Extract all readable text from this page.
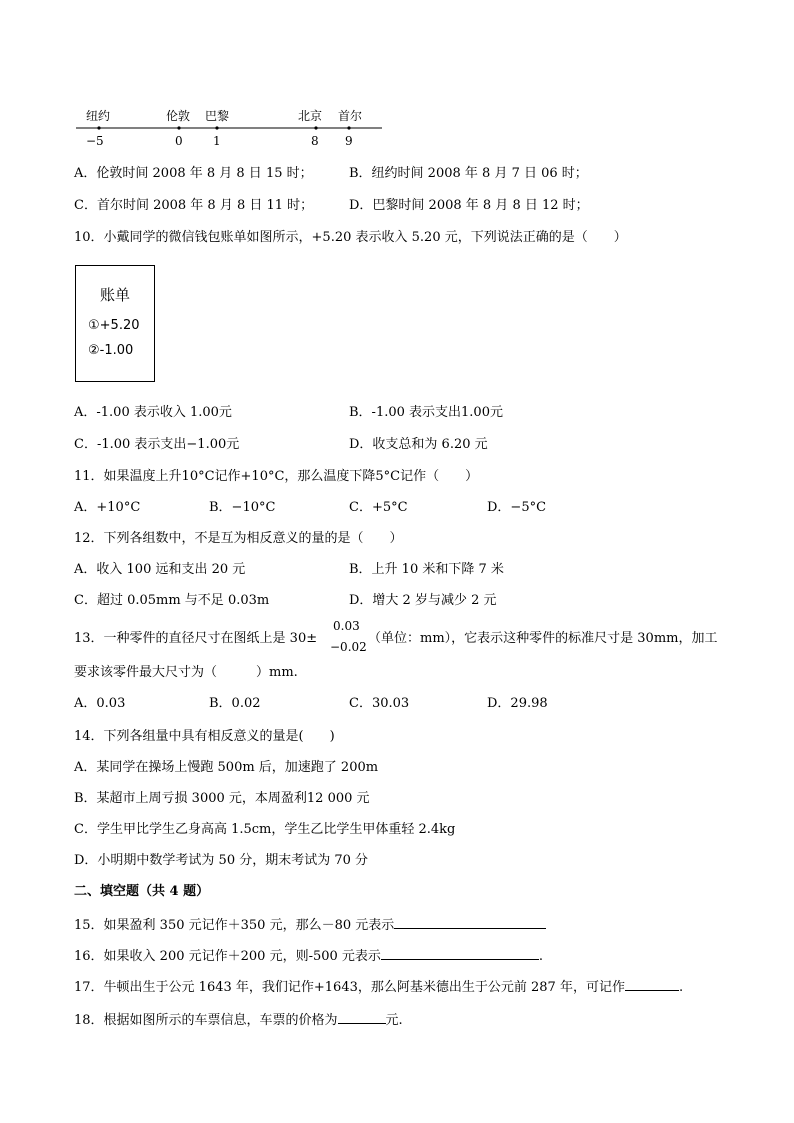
纽约	伦敦 巴黎	北京 首尔
−5	0	1	8 9
A．伦敦时间 2008 年 8 月 8 日 15 时；	B．纽约时间 2008 年 8 月 7 日 06 时；
C．首尔时间 2008 年 8 月 8 日 11 时；	D．巴黎时间 2008 年 8 月 8 日 12 时；
10．小戴同学的微信钱包账单如图所示，+5.20 表示收入 5.20 元，下列说法正确的是（　　）
账单
①+5.20
②-1.00
A．-1.00 表示收入 1.00元	B．-1.00 表示支出1.00元
C．-1.00 表示支出−1.00元	D．收支总和为 6.20 元
11．如果温度上升10°C记作+10°C，那么温度下降5°C记作（　　）
A．+10°C	B．−10°C	C．+5°C	D．−5°C
12．下列各组数中，不是互为相反意义的量的是（　　）
A．收入 100 远和支出 20 元	B．上升 10 米和下降 7 米
C．超过 0.05mm 与不足 0.03m	D．增大 2 岁与减少 2 元
13．一种零件的直径尺寸在图纸上是 30±
0.03
−0.02
（单位：mm），它表示这种零件的标准尺寸是 30mm，加工
要求该零件最大尺寸为（　　　）mm.
A．0.03	B．0.02	C．30.03	D．29.98
14．下列各组量中具有相反意义的量是(　　)
A．某同学在操场上慢跑 500m 后，加速跑了 200m
B．某超市上周亏损 3000 元，本周盈利12 000 元
C．学生甲比学生乙身高高 1.5cm，学生乙比学生甲体重轻 2.4kg
D．小明期中数学考试为 50 分，期末考试为 70 分
二、填空题（共 4 题）
15．如果盈利 350 元记作＋350 元，那么－80 元表示
16．如果收入 200 元记作＋200 元，则-500 元表示	.
17．牛顿出生于公元 1643 年，我们记作+1643，那么阿基米德出生于公元前 287 年，可记作	.
18．根据如图所示的车票信息，车票的价格为	元.
